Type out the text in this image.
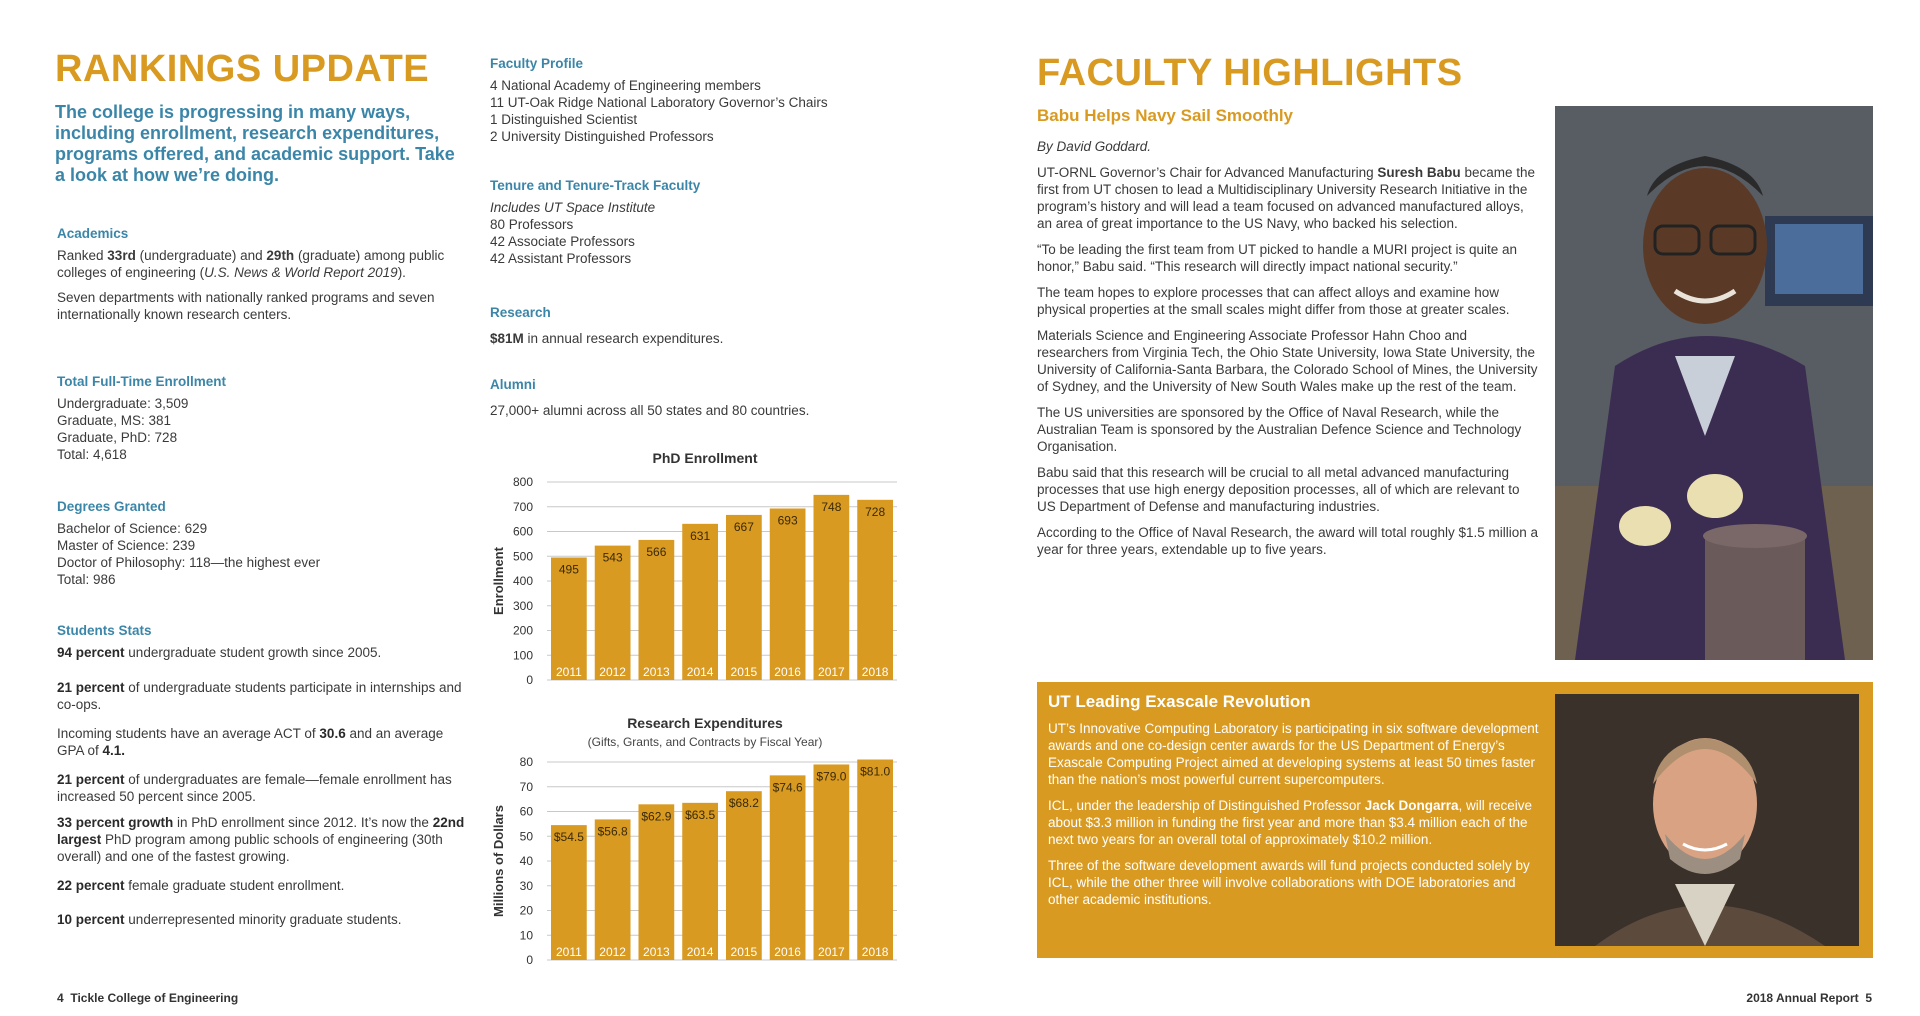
RANKINGS UPDATE

The college is progressing in many ways, including enrollment, research expenditures, programs offered, and academic support. Take a look at how we’re doing.

Academics

Ranked 33rd (undergraduate) and 29th (graduate) among public colleges of engineering (U.S. News & World Report 2019).

Seven departments with nationally ranked programs and seven internationally known research centers.

Total Full-Time Enrollment
Undergraduate: 3,509
Graduate, MS: 381
Graduate, PhD: 728
Total: 4,618
Degrees Granted
Bachelor of Science: 629
Master of Science: 239
Doctor of Philosophy: 118—the highest ever
Total: 986
Students Stats

94 percent undergraduate student growth since 2005.

21 percent of undergraduate students participate in internships and co-ops.

Incoming students have an average ACT of 30.6 and an average GPA of 4.1.

21 percent of undergraduates are female—female enrollment has increased 50 percent since 2005.

33 percent growth in PhD enrollment since 2012. It’s now the 22nd largest PhD program among public schools of engineering (30th overall) and one of the fastest growing.

22 percent female graduate student enrollment.

10 percent underrepresented minority graduate students.

Faculty Profile
4 National Academy of Engineering members
11 UT-Oak Ridge National Laboratory Governor’s Chairs
1 Distinguished Scientist
2 University Distinguished Professors
Tenure and Tenure-Track Faculty
Includes UT Space Institute
80 Professors
42 Associate Professors
42 Assistant Professors
Research
$81M in annual research expenditures.
Alumni
27,000+ alumni across all 50 states and 80 countries.
PhD Enrollment
Enrollment
0
100
200
300
400
500
600
700
800
495
2011
543
2012
566
2013
631
2014
667
2015
693
2016
748
2017
728
2018
Research Expenditures
(Gifts, Grants, and Contracts by Fiscal Year)
Millions of Dollars
0
10
20
30
40
50
60
70
80
$54.5
2011
$56.8
2012
$62.9
2013
$63.5
2014
$68.2
2015
$74.6
2016
$79.0
2017
$81.0
2018
FACULTY HIGHLIGHTS
Babu Helps Navy Sail Smoothly

By David Goddard.

UT-ORNL Governor’s Chair for Advanced Manufacturing Suresh Babu became the first from UT chosen to lead a Multidisciplinary University Research Initiative in the program’s history and will lead a team focused on advanced manufactured alloys, an area of great importance to the US Navy, who backed his selection.

“To be leading the first team from UT picked to handle a MURI project is quite an honor,” Babu said. “This research will directly impact national security.”

The team hopes to explore processes that can affect alloys and examine how physical properties at the small scales might differ from those at greater scales.

Materials Science and Engineering Associate Professor Hahn Choo and researchers from Virginia Tech, the Ohio State University, Iowa State University, the University of California-Santa Barbara, the Colorado School of Mines, the University of Sydney, and the University of New South Wales make up the rest of the team.

The US universities are sponsored by the Office of Naval Research, while the Australian Team is sponsored by the Australian Defence Science and Technology Organisation.

Babu said that this research will be crucial to all metal advanced manufacturing processes that use high energy deposition processes, all of which are relevant to US Department of Defense and manufacturing industries.

According to the Office of Naval Research, the award will total roughly $1.5 million a year for three years, extendable up to five years.

UT Leading Exascale Revolution

UT’s Innovative Computing Laboratory is participating in six software development awards and one co-design center awards for the US Department of Energy’s Exascale Computing Project aimed at developing systems at least 50 times faster than the nation’s most powerful current supercomputers.

ICL, under the leadership of Distinguished Professor Jack Dongarra, will receive about $3.3 million in funding the first year and more than $3.4 million each of the next two years for an overall total of approximately $10.2 million.

Three of the software development awards will fund projects conducted solely by ICL, while the other three will involve collaborations with DOE laboratories and other academic institutions.

4 Tickle College of Engineering	2018 Annual Report 5
